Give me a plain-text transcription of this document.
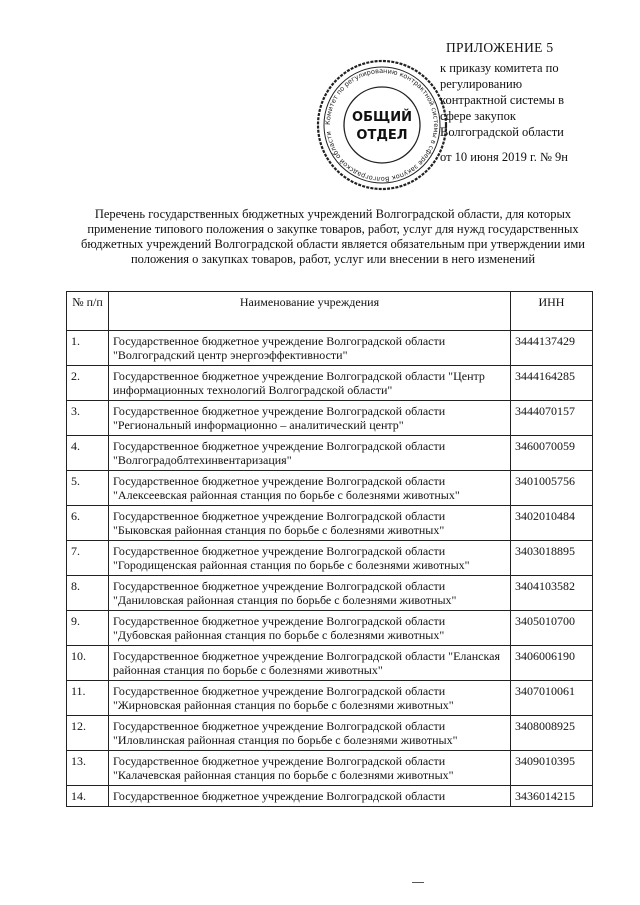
ПРИЛОЖЕНИЕ 5
к приказу комитета по
регулированию
контрактной системы в
сфере закупок
Волгоградской области
от 10 июня 2019 г. № 9н
Комитет по регулированию контрактной системы в сфере закупок Волгоградской области
ОБЩИЙ
ОТДЕЛ
Перечень государственных бюджетных учреждений Волгоградской области, для которых применение типового положения о закупке товаров, работ, услуг для нужд государственных бюджетных учреждений Волгоградской области является обязательным при утверждении ими положения о закупках товаров, работ, услуг или внесении в него изменений
№ п/п	Наименование учреждения	ИНН
1.	Государственное бюджетное учреждение Волгоградской области "Волгоградский центр энергоэффективности"	3444137429
2.	Государственное бюджетное учреждение Волгоградской области "Центр информационных технологий Волгоградской области"	3444164285
3.	Государственное бюджетное учреждение Волгоградской области "Региональный информационно – аналитический центр"	3444070157
4.	Государственное бюджетное учреждение Волгоградской области "Волгоградоблтехинвентаризация"	3460070059
5.	Государственное бюджетное учреждение Волгоградской области "Алексеевская районная станция по борьбе с болезнями животных"	3401005756
6.	Государственное бюджетное учреждение Волгоградской области "Быковская районная станция по борьбе с болезнями животных"	3402010484
7.	Государственное бюджетное учреждение Волгоградской области "Городищенская районная станция по борьбе с болезнями животных"	3403018895
8.	Государственное бюджетное учреждение Волгоградской области "Даниловская районная станция по борьбе с болезнями животных"	3404103582
9.	Государственное бюджетное учреждение Волгоградской области "Дубовская районная станция по борьбе с болезнями животных"	3405010700
10.	Государственное бюджетное учреждение Волгоградской области "Еланская районная станция по борьбе с болезнями животных"	3406006190
11.	Государственное бюджетное учреждение Волгоградской области "Жирновская районная станция по борьбе с болезнями животных"	3407010061
12.	Государственное бюджетное учреждение Волгоградской области "Иловлинская районная станция по борьбе с болезнями животных"	3408008925
13.	Государственное бюджетное учреждение Волгоградской области "Калачевская районная станция по борьбе с болезнями животных"	3409010395
14.	Государственное бюджетное учреждение Волгоградской области	3436014215
